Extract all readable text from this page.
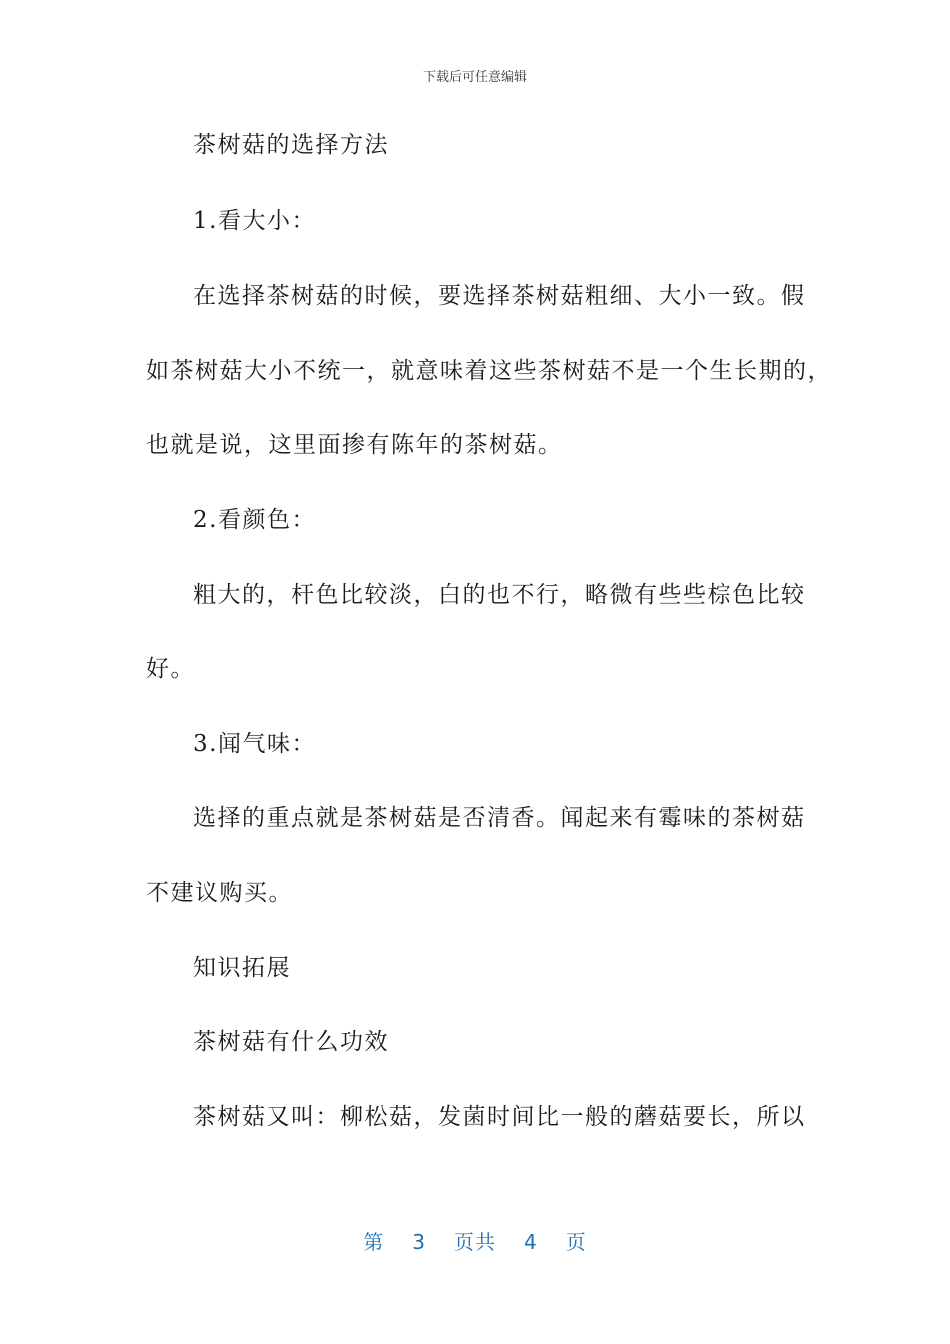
下载后可任意编辑
茶树菇的选择方法
1.看大小：
在选择茶树菇的时候，要选择茶树菇粗细、大小一致。假
如茶树菇大小不统一，就意味着这些茶树菇不是一个生长期的，
也就是说，这里面掺有陈年的茶树菇。
2.看颜色：
粗大的，杆色比较淡，白的也不行，略微有些些棕色比较
好。
3.闻气味：
选择的重点就是茶树菇是否清香。闻起来有霉味的茶树菇
不建议购买。
知识拓展
茶树菇有什么功效
茶树菇又叫：柳松菇，发菌时间比一般的蘑菇要长，所以
第 3 页共 4 页
